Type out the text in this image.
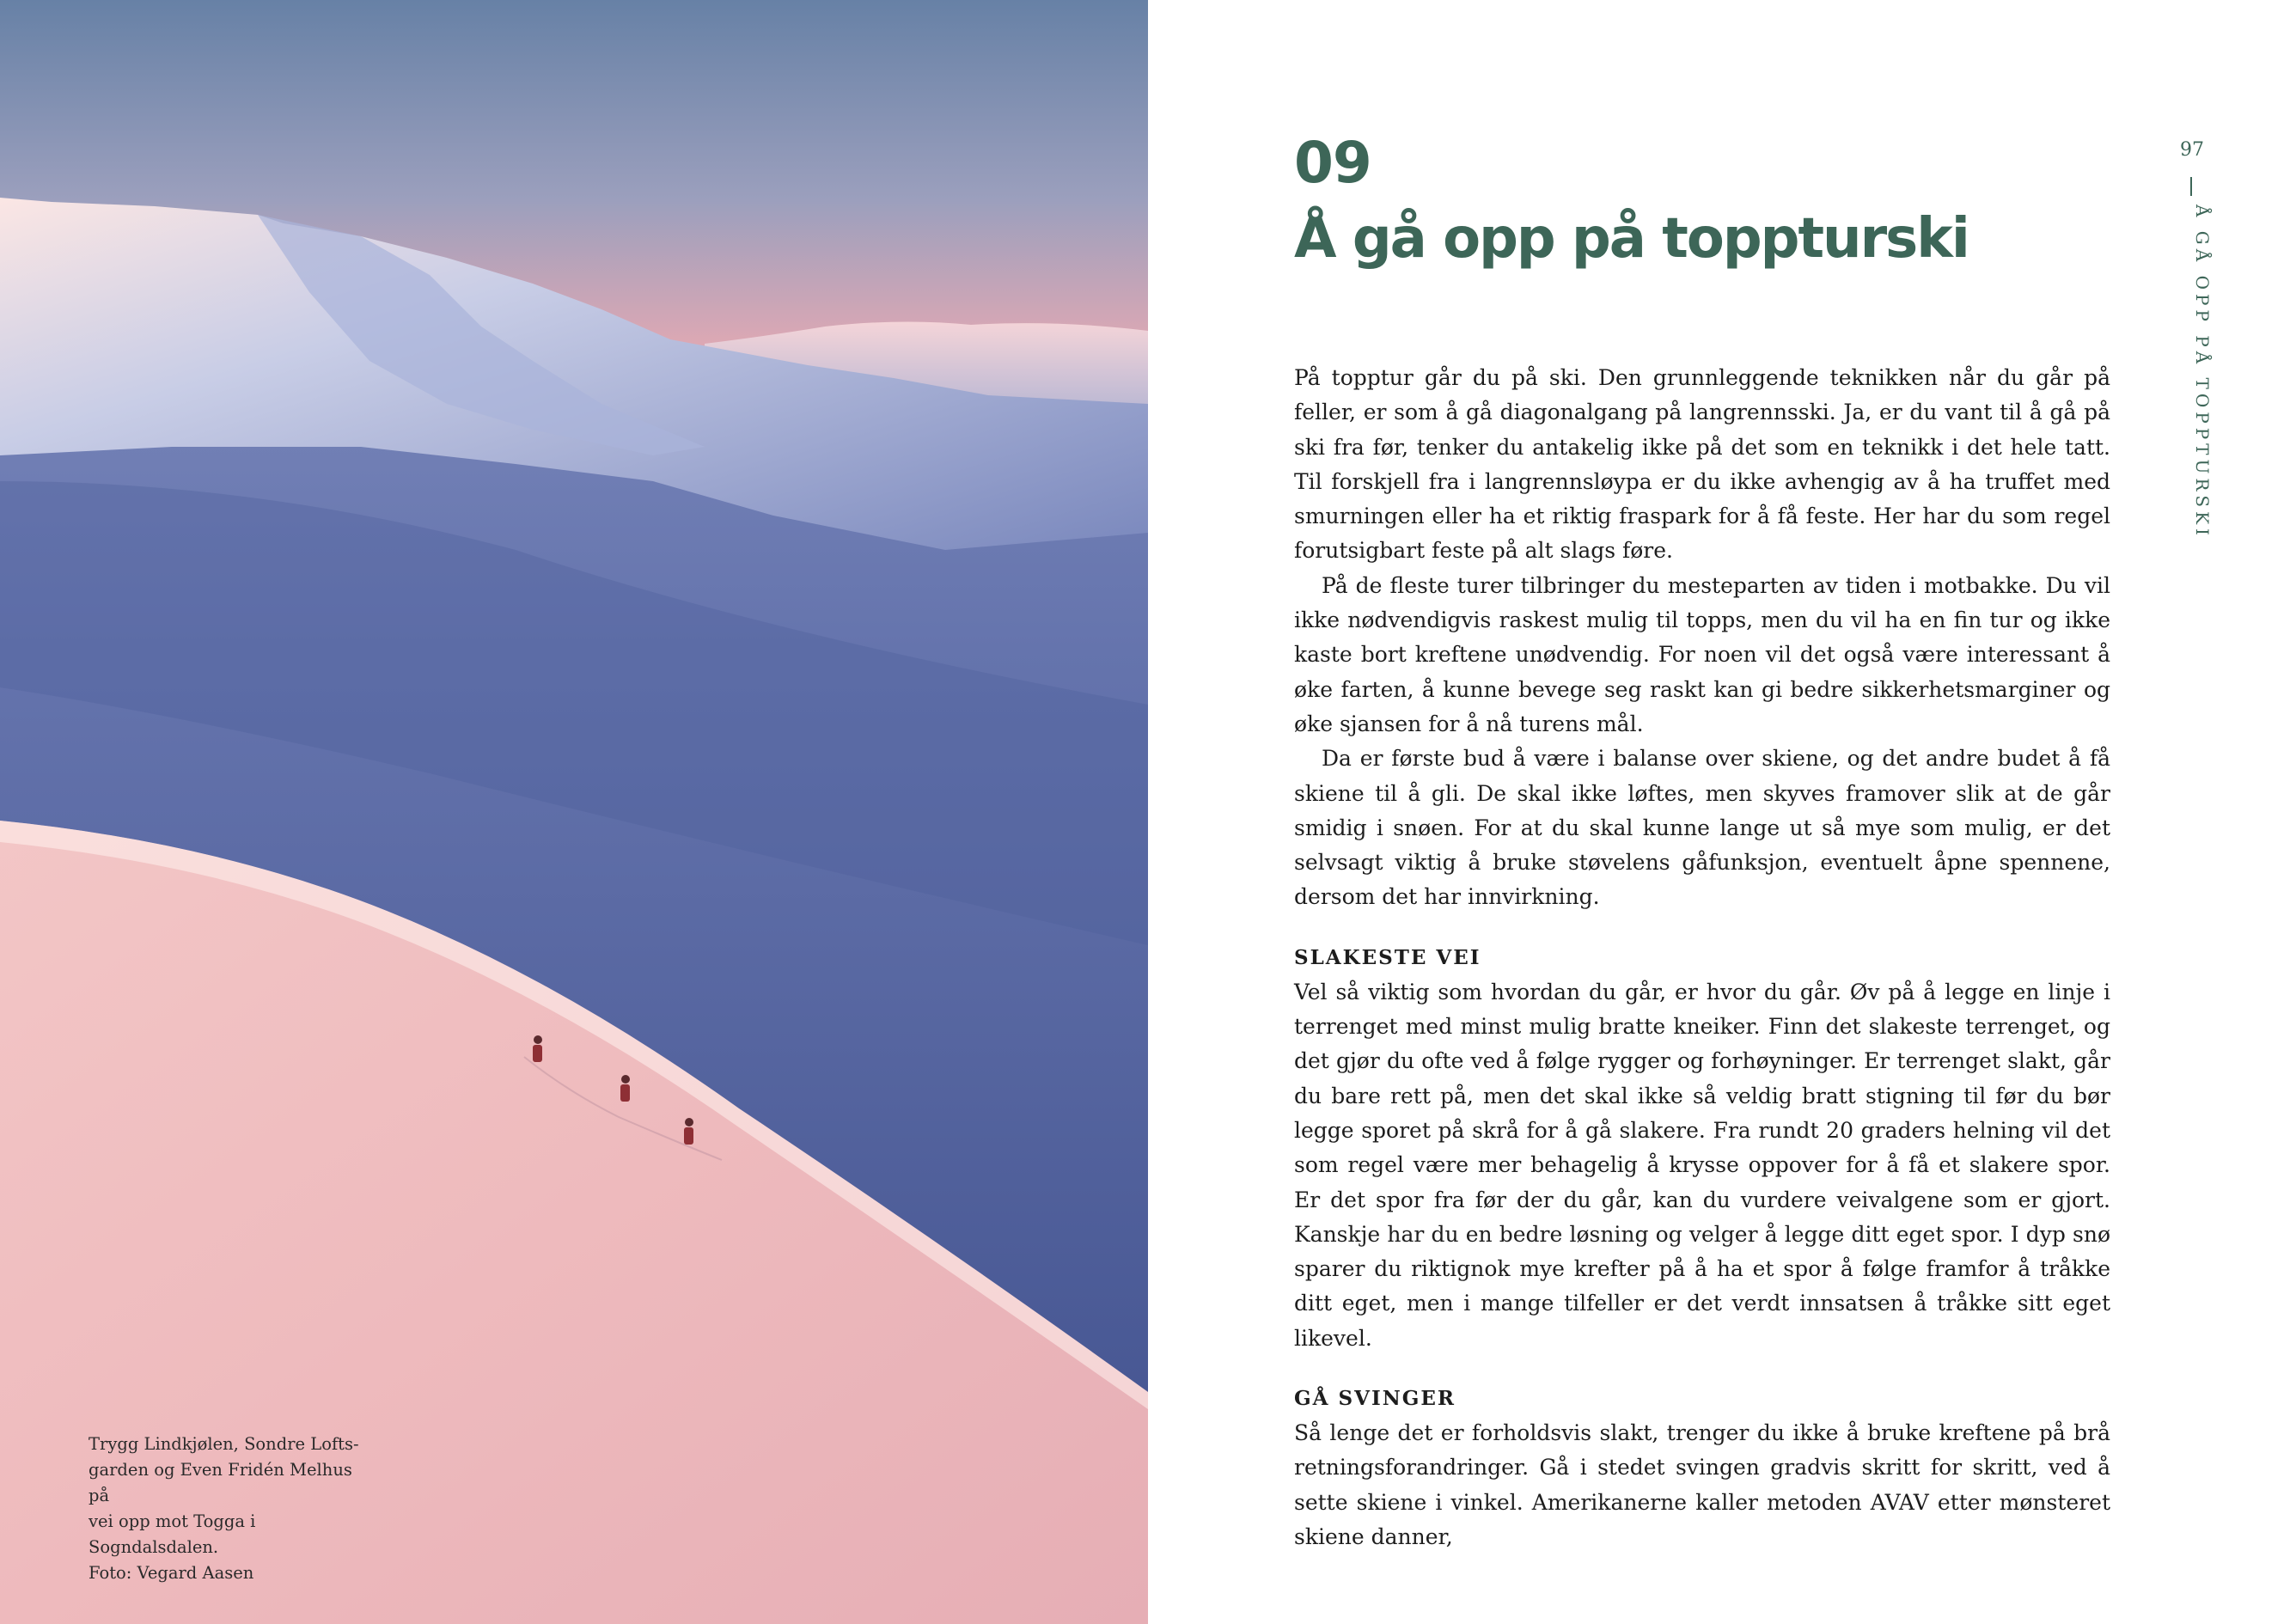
Trygg Lindkjølen, Sondre Lofts-

garden og Even Fridén Melhus på

vei opp mot Togga i Sogndalsdalen.

Foto: Vegard Aasen

09
Å gå opp på toppturski

På topptur går du på ski. Den grunnleggende teknikken når du går på feller, er som å gå diagonalgang på langrennsski. Ja, er du vant til å gå på ski fra før, tenker du antakelig ikke på det som en teknikk i det hele tatt. Til forskjell fra i langrennsløypa er du ikke avhengig av å ha truffet med smurningen eller ha et riktig fraspark for å få feste. Her har du som regel forutsigbart feste på alt slags føre.

På de fleste turer tilbringer du mesteparten av tiden i motbakke. Du vil ikke nødvendigvis raskest mulig til topps, men du vil ha en fin tur og ikke kaste bort kreftene unødvendig. For noen vil det også være interessant å øke farten, å kunne bevege seg raskt kan gi bedre sikkerhetsmarginer og øke sjansen for å nå turens mål.

Da er første bud å være i balanse over skiene, og det andre budet å få skiene til å gli. De skal ikke løftes, men skyves framover slik at de går smidig i snøen. For at du skal kunne lange ut så mye som mulig, er det selvsagt viktig å bruke støvelens gåfunksjon, eventuelt åpne spennene, dersom det har innvirkning.

SLAKESTE VEI

Vel så viktig som hvordan du går, er hvor du går. Øv på å legge en linje i terrenget med minst mulig bratte kneiker. Finn det slakeste terrenget, og det gjør du ofte ved å følge rygger og forhøyninger. Er terrenget slakt, går du bare rett på, men det skal ikke så veldig bratt stigning til før du bør legge sporet på skrå for å gå slakere. Fra rundt 20 graders helning vil det som regel være mer behagelig å krysse oppover for å få et slakere spor. Er det spor fra før der du går, kan du vurdere veivalgene som er gjort. Kanskje har du en bedre løsning og velger å legge ditt eget spor. I dyp snø sparer du riktignok mye krefter på å ha et spor å følge framfor å tråkke ditt eget, men i mange tilfeller er det verdt innsatsen å tråkke sitt eget likevel.

GÅ SVINGER

Så lenge det er forholdsvis slakt, trenger du ikke å bruke kreftene på brå retningsforandringer. Gå i stedet svingen gradvis skritt for skritt, ved å sette skiene i vinkel. Amerikanerne kaller metoden AVAV etter mønsteret skiene danner,

97
Å GÅ OPP PÅ TOPPTURSKI
